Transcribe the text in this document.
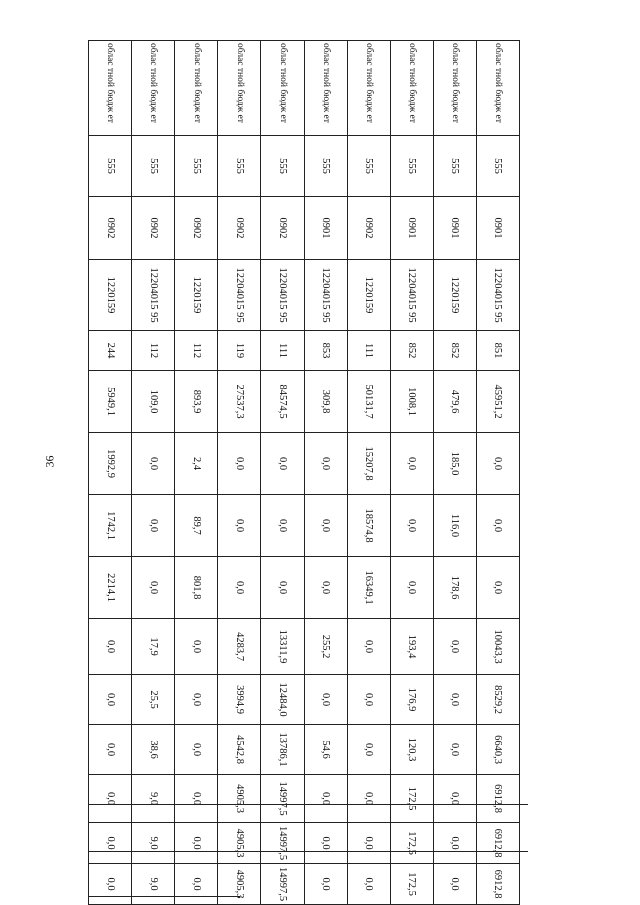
36
облас тной бюдж ет	555	0901	12204015 95	851	45951,2	0,0	0,0	0,0	10043,3	8529,2	6640,3	6912,8	6912,8	6912,8
облас тной бюдж ет	555	0901	1220159	852	479,6	185,0	116,0	178,6	0,0	0,0	0,0	0,0	0,0	0,0
облас тной бюдж ет	555	0901	12204015 95	852	1008,1	0,0	0,0	0,0	193,4	176,9	120,3	172,5	172,5	172,5
облас тной бюдж ет	555	0902	1220159	111	50131,7	15207,8	18574,8	16349,1	0,0	0,0	0,0	0,0	0,0	0,0
облас тной бюдж ет	555	0901	12204015 95	853	309,8	0,0	0,0	0,0	255,2	0,0	54,6	0,0	0,0	0,0
облас тной бюдж ет	555	0902	12204015 95	111	84574,5	0,0	0,0	0,0	13311,9	12484,0	13786,1	14997,5	14997,5	14997,5
облас тной бюдж ет	555	0902	12204015 95	119	27537,3	0,0	0,0	0,0	4283,7	3994,9	4542,8	4905,3	4905,3	4905,3
облас тной бюдж ет	555	0902	1220159	112	893,9	2,4	89,7	801,8	0,0	0,0	0,0	0,0	0,0	0,0
облас тной бюдж ет	555	0902	12204015 95	112	109,0	0,0	0,0	0,0	17,9	25,5	38,6	9,0	9,0	9,0
облас тной бюдж ет	555	0902	1220159	244	5949,1	1992,9	1742,1	2214,1	0,0	0,0	0,0	0,0	0,0	0,0
